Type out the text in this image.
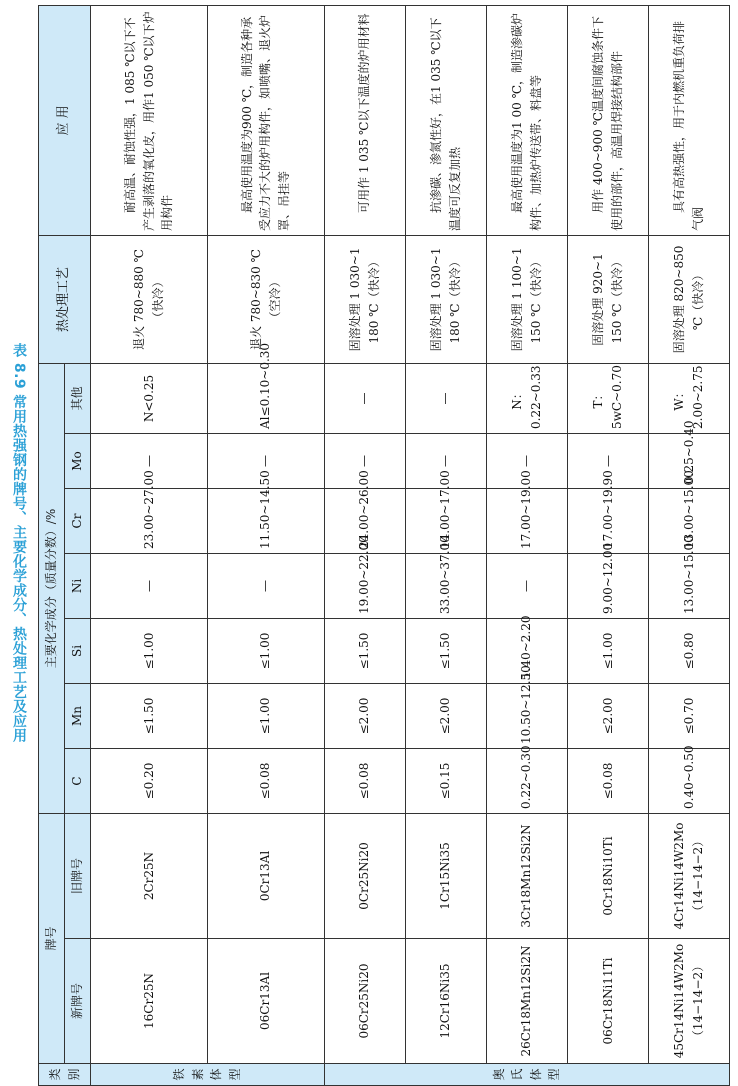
表 8.9 常用热强钢的牌号、主要化学成分、热处理工艺及应用
类别	牌号		主要化学成分（质量分数）/%							热处理工艺	应 用
	新牌号	旧牌号	C	Mn	Si	Ni	Cr	Mo	其他		
铁素体型	16Cr25N	2Cr25N	≤0.20	≤1.50	≤1.00	—	23.00~27.00	—	N<0.25	退火 780~880 ℃（快冷）	耐高温、耐蚀性强，1 085 ℃以下不产生剥落的氧化皮，用作1 050 ℃以下炉用构件
	06Cr13Al	0Cr13Al	≤0.08	≤1.00	≤1.00	—	11.50~14.50	—	Al≤0.10~0.30	退火 780~830 ℃（空冷）	最高使用温度为900 ℃，制造各种承受应力不大的炉用构件，如喷嘴、退火炉罩、吊挂等
奥氏体型	06Cr25Ni20	0Cr25Ni20	≤0.08	≤2.00	≤1.50	19.00~22.00	24.00~26.00	—	—	固溶处理 1 030~1 180 ℃（快冷）	可用作 1 035 ℃以下温度的炉用材料
	12Cr16Ni35	1Cr15Ni35	≤0.15	≤2.00	≤1.50	33.00~37.00	14.00~17.00	—	—	固溶处理 1 030~1 180 ℃（快冷）	抗渗碳、渗氮性好，在1 035 ℃以下温度可反复加热
	26Cr18Mn12Si2N	3Cr18Mn12Si2N	0.22~0.30	10.50~12.50	1.40~2.20	—	17.00~19.00	—	N：0.22~0.33	固溶处理 1 100~1 150 ℃（快冷）	最高使用温度为1 00 ℃，制造渗碳炉构件、加热炉传送带、料盘等
	06Cr18Ni11Ti	0Cr18Ni10Ti	≤0.08	≤2.00	≤1.00	9.00~12.00	17.00~19.90	—	T：5wC~0.70	固溶处理 920~1 150 ℃（快冷）	用作 400~900 ℃温度间腐蚀条件下使用的部件，高温用焊接结构部件
	45Cr14Ni14W2Mo（14−14−2）	4Cr14Ni14W2Mo（14−14−2）	0.40~0.50	≤0.70	≤0.80	13.00~15.00	13.00~15.00	0.25~0.40	W：2.00~2.75	固溶处理 820~850 ℃（快冷）	具有高热强性，用于内燃机重负荷排气阀
